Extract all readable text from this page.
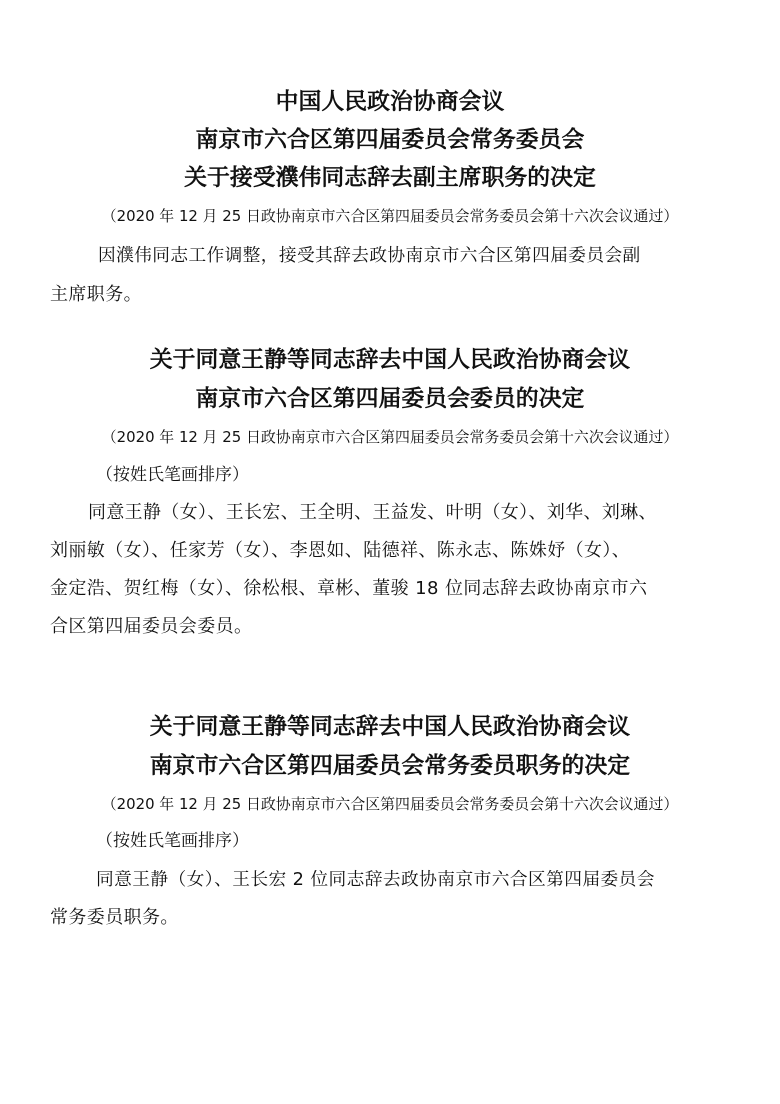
中国人民政治协商会议
南京市六合区第四届委员会常务委员会
关于接受濮伟同志辞去副主席职务的决定
（2020 年 12 月 25 日政协南京市六合区第四届委员会常务委员会第十六次会议通过）
因濮伟同志工作调整，接受其辞去政协南京市六合区第四届委员会副
主席职务。
关于同意王静等同志辞去中国人民政治协商会议
南京市六合区第四届委员会委员的决定
（2020 年 12 月 25 日政协南京市六合区第四届委员会常务委员会第十六次会议通过）
（按姓氏笔画排序）
同意王静（女）、王长宏、王全明、王益发、叶明（女）、刘华、刘琳、
刘丽敏（女）、任家芳（女）、李恩如、陆德祥、陈永志、陈姝妤（女）、
金定浩、贺红梅（女）、徐松根、章彬、董骏 18 位同志辞去政协南京市六
合区第四届委员会委员。
关于同意王静等同志辞去中国人民政治协商会议
南京市六合区第四届委员会常务委员职务的决定
（2020 年 12 月 25 日政协南京市六合区第四届委员会常务委员会第十六次会议通过）
（按姓氏笔画排序）
同意王静（女）、王长宏 2 位同志辞去政协南京市六合区第四届委员会
常务委员职务。
